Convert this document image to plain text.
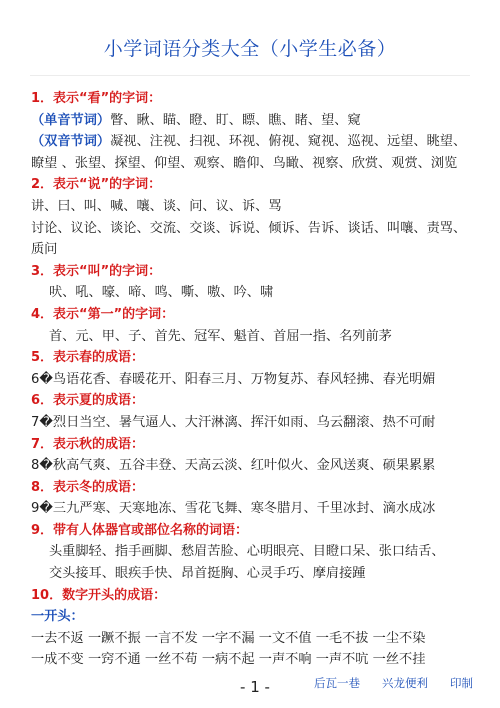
小学词语分类大全（小学生必备）

1．表示“看”的字词：

（单音节词）瞥、瞅、瞄、瞪、盯、瞟、瞧、睹、望、窥

（双音节词）凝视、注视、扫视、环视、俯视、窥视、巡视、远望、眺望、

瞭望 、张望、探望、仰望、观察、瞻仰、鸟瞰、视察、欣赏、观赏、浏览

2．表示“说”的字词：

讲、曰、叫、喊、嚷、谈、问、议、诉、骂

讨论、议论、谈论、交流、交谈、诉说、倾诉、告诉、谈话、叫嚷、责骂、

质问

3．表示“叫”的字词：

吠、吼、嚎、啼、鸣、嘶、嗷、吟、啸

4．表示“第一”的字词：

首、元、甲、子、首先、冠军、魁首、首屈一指、名列前茅

5．表示春的成语：

6�鸟语花香、春暖花开、阳春三月、万物复苏、春风轻拂、春光明媚

6．表示夏的成语：

7�烈日当空、暑气逼人、大汗淋漓、挥汗如雨、乌云翻滚、热不可耐

7．表示秋的成语：

8�秋高气爽、五谷丰登、天高云淡、红叶似火、金风送爽、硕果累累

8．表示冬的成语：

9�三九严寒、天寒地冻、雪花飞舞、寒冬腊月、千里冰封、滴水成冰

9．带有人体器官或部位名称的词语：

头重脚轻、指手画脚、愁眉苦脸、心明眼亮、目瞪口呆、张口结舌、

交头接耳、眼疾手快、昂首挺胸、心灵手巧、摩肩接踵

10．数字开头的成语：

一开头：

一去不返 一蹶不振 一言不发 一字不漏 一文不值 一毛不拔 一尘不染

一成不变 一窍不通 一丝不苟 一病不起 一声不响 一声不吭 一丝不挂

- 1 -	后瓦一巷 兴龙便利 印制
